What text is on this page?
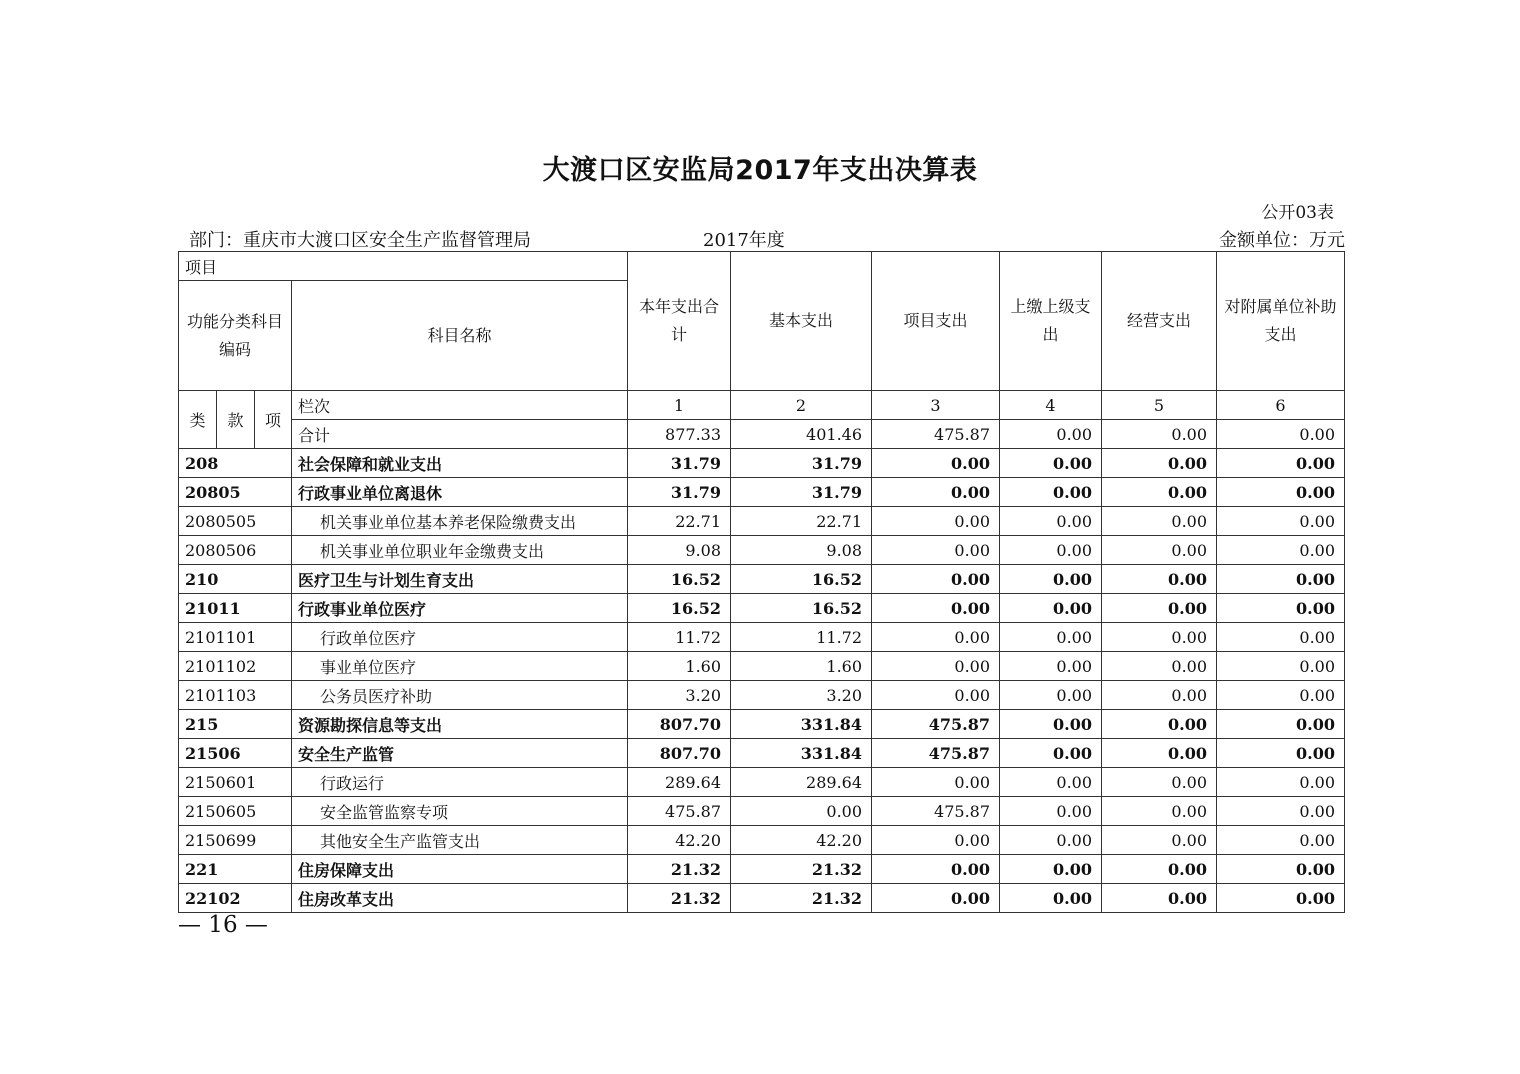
大渡口区安监局2017年支出决算表
公开03表
部门：重庆市大渡口区安全生产监督管理局	2017年度	金额单位：万元
项目				本年支出合计	基本支出	项目支出	上缴上级支出	经营支出	对附属单位补助支出

功能分类科目编码			科目名称						
类	款	项	栏次	1	2	3	4	5	6
			合计	877.33	401.46	475.87	0.00	0.00	0.00
208			社会保障和就业支出	31.79	31.79	0.00	0.00	0.00	0.00
20805			行政事业单位离退休	31.79	31.79	0.00	0.00	0.00	0.00
2080505			机关事业单位基本养老保险缴费支出	22.71	22.71	0.00	0.00	0.00	0.00
2080506			机关事业单位职业年金缴费支出	9.08	9.08	0.00	0.00	0.00	0.00
210			医疗卫生与计划生育支出	16.52	16.52	0.00	0.00	0.00	0.00
21011			行政事业单位医疗	16.52	16.52	0.00	0.00	0.00	0.00
2101101			行政单位医疗	11.72	11.72	0.00	0.00	0.00	0.00
2101102			事业单位医疗	1.60	1.60	0.00	0.00	0.00	0.00
2101103			公务员医疗补助	3.20	3.20	0.00	0.00	0.00	0.00
215			资源勘探信息等支出	807.70	331.84	475.87	0.00	0.00	0.00
21506			安全生产监管	807.70	331.84	475.87	0.00	0.00	0.00
2150601			行政运行	289.64	289.64	0.00	0.00	0.00	0.00
2150605			安全监管监察专项	475.87	0.00	475.87	0.00	0.00	0.00
2150699			其他安全生产监管支出	42.20	42.20	0.00	0.00	0.00	0.00
221			住房保障支出	21.32	21.32	0.00	0.00	0.00	0.00
22102			住房改革支出	21.32	21.32	0.00	0.00	0.00	0.00
— 16 —
